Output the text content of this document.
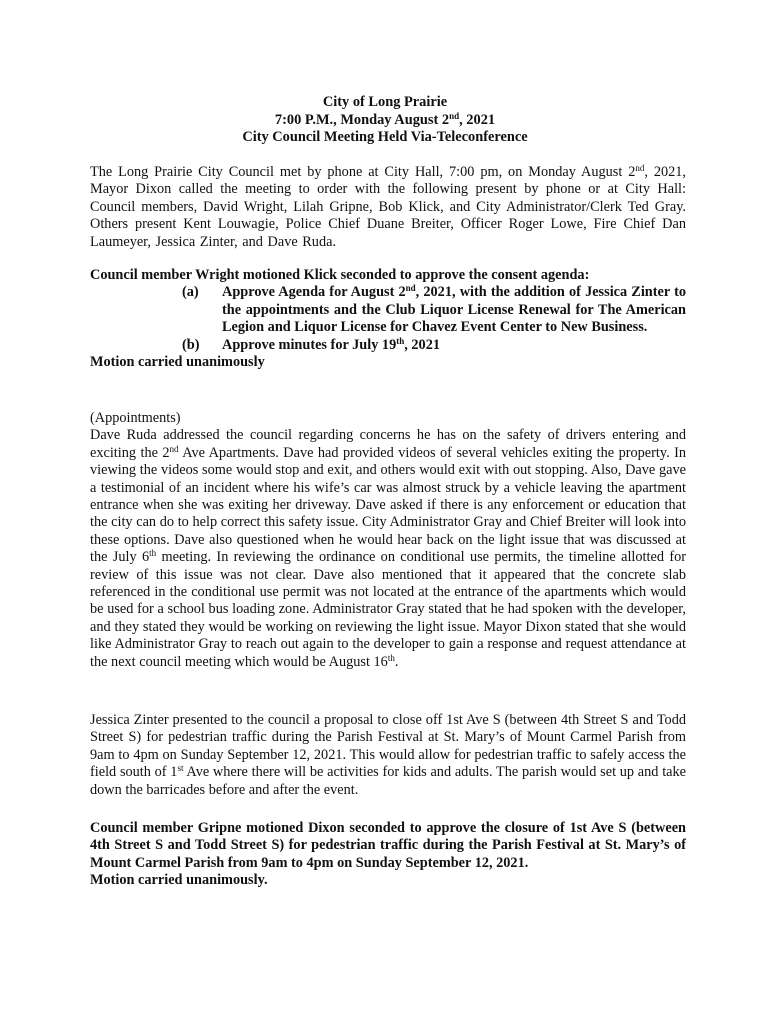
City of Long Prairie
7:00 P.M., Monday August 2nd, 2021
City Council Meeting Held Via-Teleconference

The Long Prairie City Council met by phone at City Hall, 7:00 pm, on Monday August 2nd, 2021, Mayor Dixon called the meeting to order with the following present by phone or at City Hall: Council members, David Wright, Lilah Gripne, Bob Klick, and City Administrator/Clerk Ted Gray. Others present Kent Louwagie, Police Chief Duane Breiter, Officer Roger Lowe, Fire Chief Dan Laumeyer, Jessica Zinter, and Dave Ruda.

Council member Wright motioned Klick seconded to approve the consent agenda:

(a) Approve Agenda for August 2nd, 2021, with the addition of Jessica Zinter to the appointments and the Club Liquor License Renewal for The American Legion and Liquor License for Chavez Event Center to New Business.

(b) Approve minutes for July 19th, 2021

Motion carried unanimously

(Appointments)

Dave Ruda addressed the council regarding concerns he has on the safety of drivers entering and exciting the 2nd Ave Apartments. Dave had provided videos of several vehicles exiting the property. In viewing the videos some would stop and exit, and others would exit with out stopping. Also, Dave gave a testimonial of an incident where his wife’s car was almost struck by a vehicle leaving the apartment entrance when she was exiting her driveway. Dave asked if there is any enforcement or education that the city can do to help correct this safety issue. City Administrator Gray and Chief Breiter will look into these options. Dave also questioned when he would hear back on the light issue that was discussed at the July 6th meeting. In reviewing the ordinance on conditional use permits, the timeline allotted for review of this issue was not clear. Dave also mentioned that it appeared that the concrete slab referenced in the conditional use permit was not located at the entrance of the apartments which would be used for a school bus loading zone. Administrator Gray stated that he had spoken with the developer, and they stated they would be working on reviewing the light issue. Mayor Dixon stated that she would like Administrator Gray to reach out again to the developer to gain a response and request attendance at the next council meeting which would be August 16th.

Jessica Zinter presented to the council a proposal to close off 1st Ave S (between 4th Street S and Todd Street S) for pedestrian traffic during the Parish Festival at St. Mary’s of Mount Carmel Parish from 9am to 4pm on Sunday September 12, 2021. This would allow for pedestrian traffic to safely access the field south of 1st Ave where there will be activities for kids and adults. The parish would set up and take down the barricades before and after the event.

Council member Gripne motioned Dixon seconded to approve the closure of 1st Ave S (between 4th Street S and Todd Street S) for pedestrian traffic during the Parish Festival at St. Mary’s of Mount Carmel Parish from 9am to 4pm on Sunday September 12, 2021.

Motion carried unanimously.
